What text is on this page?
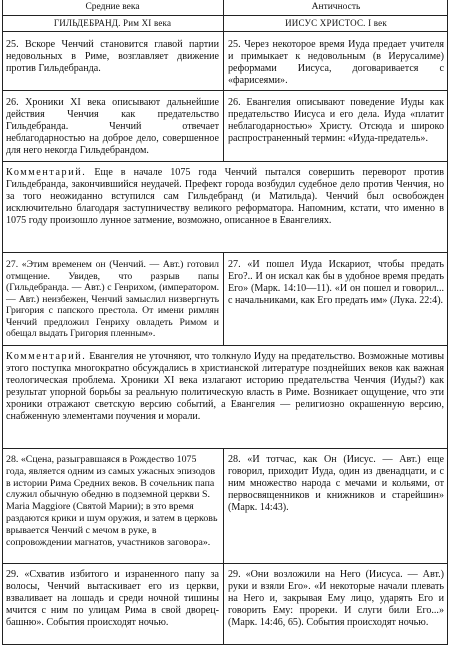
Средние века	Античность
ГИЛЬДЕБРАНД. Рим XI века	ИИСУС ХРИСТОС. I век

25. Вскоре Ченчий становится главой партии недовольных в Риме, возглавляет движение против Гильдебранда.

25. Через некоторое время Иуда предает учителя и примыкает к недовольным (в Иерусалиме) реформами Иисуса, договаривается с «фарисеями».

26. Хроники XI века описывают дальнейшие действия Ченчия как предательство Гильдебранда. Ченчий отвечает неблагодарностью на доброе дело, совершенное для него некогда Гильдебрандом.

26. Евангелия описывают поведение Иуды как предательство Иисуса и его дела. Иуда «платит неблагодарностью» Христу. Отсюда и широко распространенный термин: «Иуда-предатель».

Комментарий. Еще в начале 1075 года Ченчий пытался совершить переворот против Гильдебранда, закончившийся неудачей. Префект города возбудил судебное дело против Ченчия, но за того неожиданно вступился сам Гильдебранд (и Матильда). Ченчий был освобожден исключительно благодаря заступничеству великого реформатора. Напомним, кстати, что именно в 1075 году произошло лунное затмение, возможно, описанное в Евангелиях.

27. «Этим временем он (Ченчий. — Авт.) готовил отмщение. Увидев, что разрыв папы (Гильдебранда. — Авт.) с Генрихом, (императором. — Авт.) неизбежен, Ченчий замыслил низвергнуть Григория с папского престола. От имени римлян Ченчий предложил Генриху овладеть Римом и обещал выдать Григория пленным».

27. «И пошел Иуда Искариот, чтобы предать Его?.. И он искал как бы в удобное время предать Его» (Марк. 14:10—11). «И он пошел и говорил... с начальниками, как Его предать им» (Лука. 22:4).

Комментарий. Евангелия не уточняют, что толкнуло Иуду на предательство. Возможные мотивы этого поступка многократно обсуждались в христианской литературе позднейших веков как важная теологическая проблема. Хроники XI века излагают историю предательства Ченчия (Иуды?) как результат упорной борьбы за реальную политическую власть в Риме. Возникает ощущение, что эти хроники отражают светскую версию событий, а Евангелия — религиозно окрашенную версию, снабженную элементами поучения и морали.

28. «Сцена, разыгравшаяся в Рождество 1075 года, является одним из самых ужасных эпизодов в истории Рима Средних веков. В сочельник папа служил обычную обедню в подземной церкви S. Maria Maggiore (Святой Марии); в это время раздаются крики и шум оружия, и затем в церковь врывается Ченчий с мечом в руке, в сопровождении магнатов, участников заговора».

28. «И тотчас, как Он (Иисус. — Авт.) еще говорил, приходит Иуда, один из двенадцати, и с ним множество народа с мечами и кольями, от первосвященников и книжников и старейшин» (Марк. 14:43).

29. «Схватив избитого и израненного папу за волосы, Ченчий вытаскивает его из церкви, взваливает на лошадь и среди ночной тишины мчится с ним по улицам Рима в свой дворец-башню». События происходят ночью.

29. «Они возложили на Него (Иисуса. — Авт.) руки и взяли Его». «И некоторые начали плевать на Него и, закрывая Ему лицо, ударять Его и говорить Ему: прореки. И слуги били Его...» (Марк. 14:46, 65). События происходят ночью.
